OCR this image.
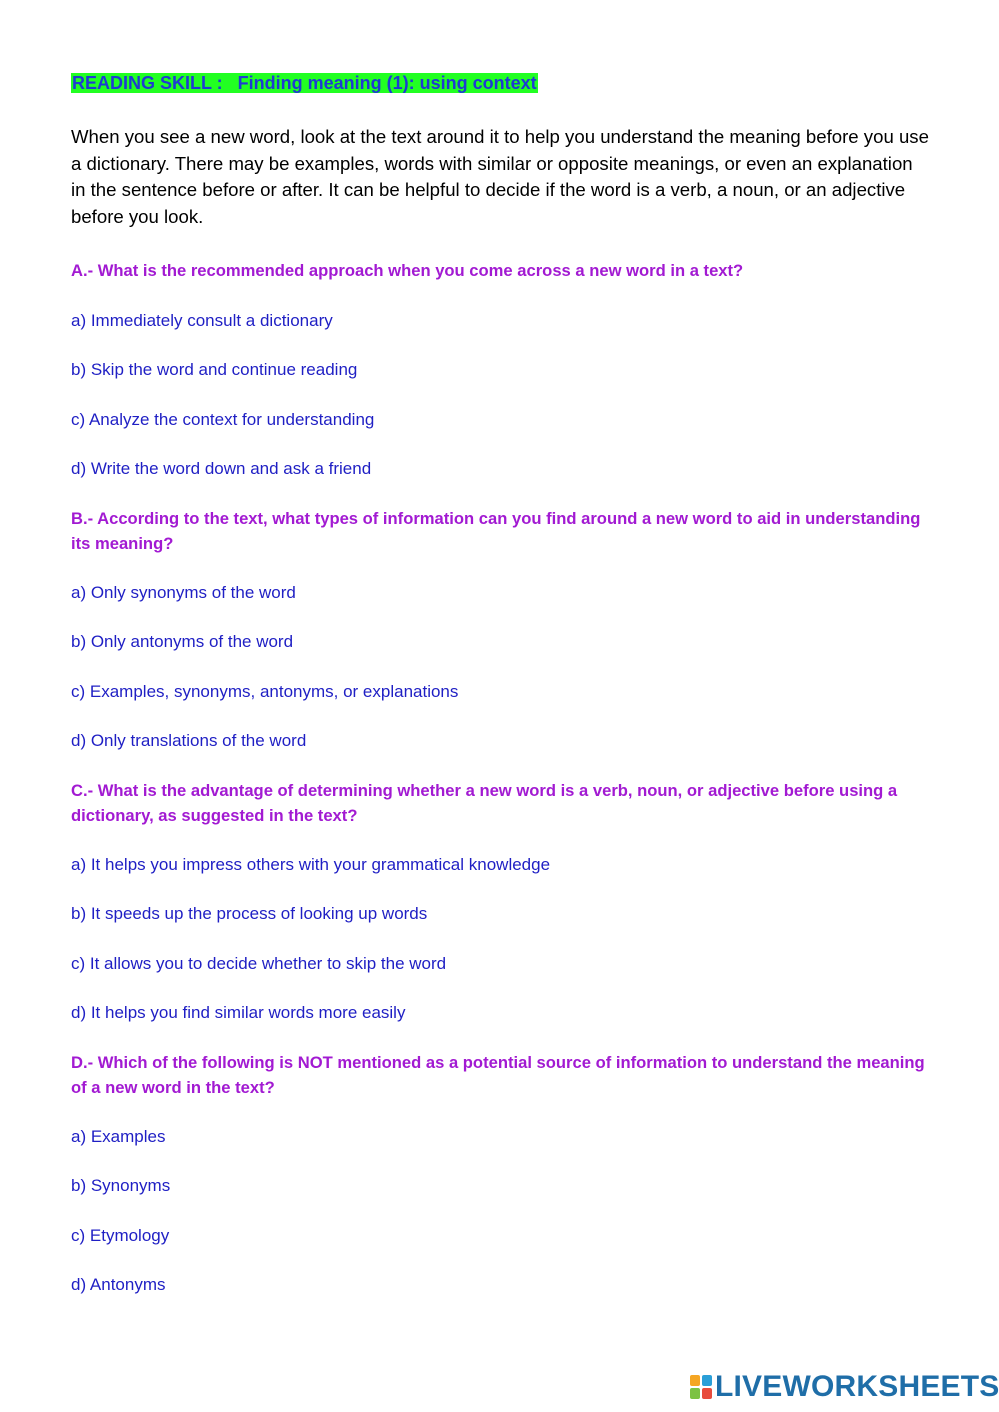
READING SKILL :   Finding meaning (1): using context

When you see a new word, look at the text around it to help you understand the meaning before you use a dictionary. There may be examples, words with similar or opposite meanings, or even an explanation in the sentence before or after. It can be helpful to decide if the word is a verb, a noun, or an adjective before you look.

A.- What is the recommended approach when you come across a new word in a text?

a) Immediately consult a dictionary

b) Skip the word and continue reading

c) Analyze the context for understanding

d) Write the word down and ask a friend

B.- According to the text, what types of information can you find around a new word to aid in understanding its meaning?

a) Only synonyms of the word

b) Only antonyms of the word

c) Examples, synonyms, antonyms, or explanations

d) Only translations of the word

C.- What is the advantage of determining whether a new word is a verb, noun, or adjective before using a dictionary, as suggested in the text?

a) It helps you impress others with your grammatical knowledge

b) It speeds up the process of looking up words

c) It allows you to decide whether to skip the word

d) It helps you find similar words more easily

D.- Which of the following is NOT mentioned as a potential source of information to understand the meaning of a new word in the text?

a) Examples

b) Synonyms

c) Etymology

d) Antonyms

LIVEWORKSHEETS
